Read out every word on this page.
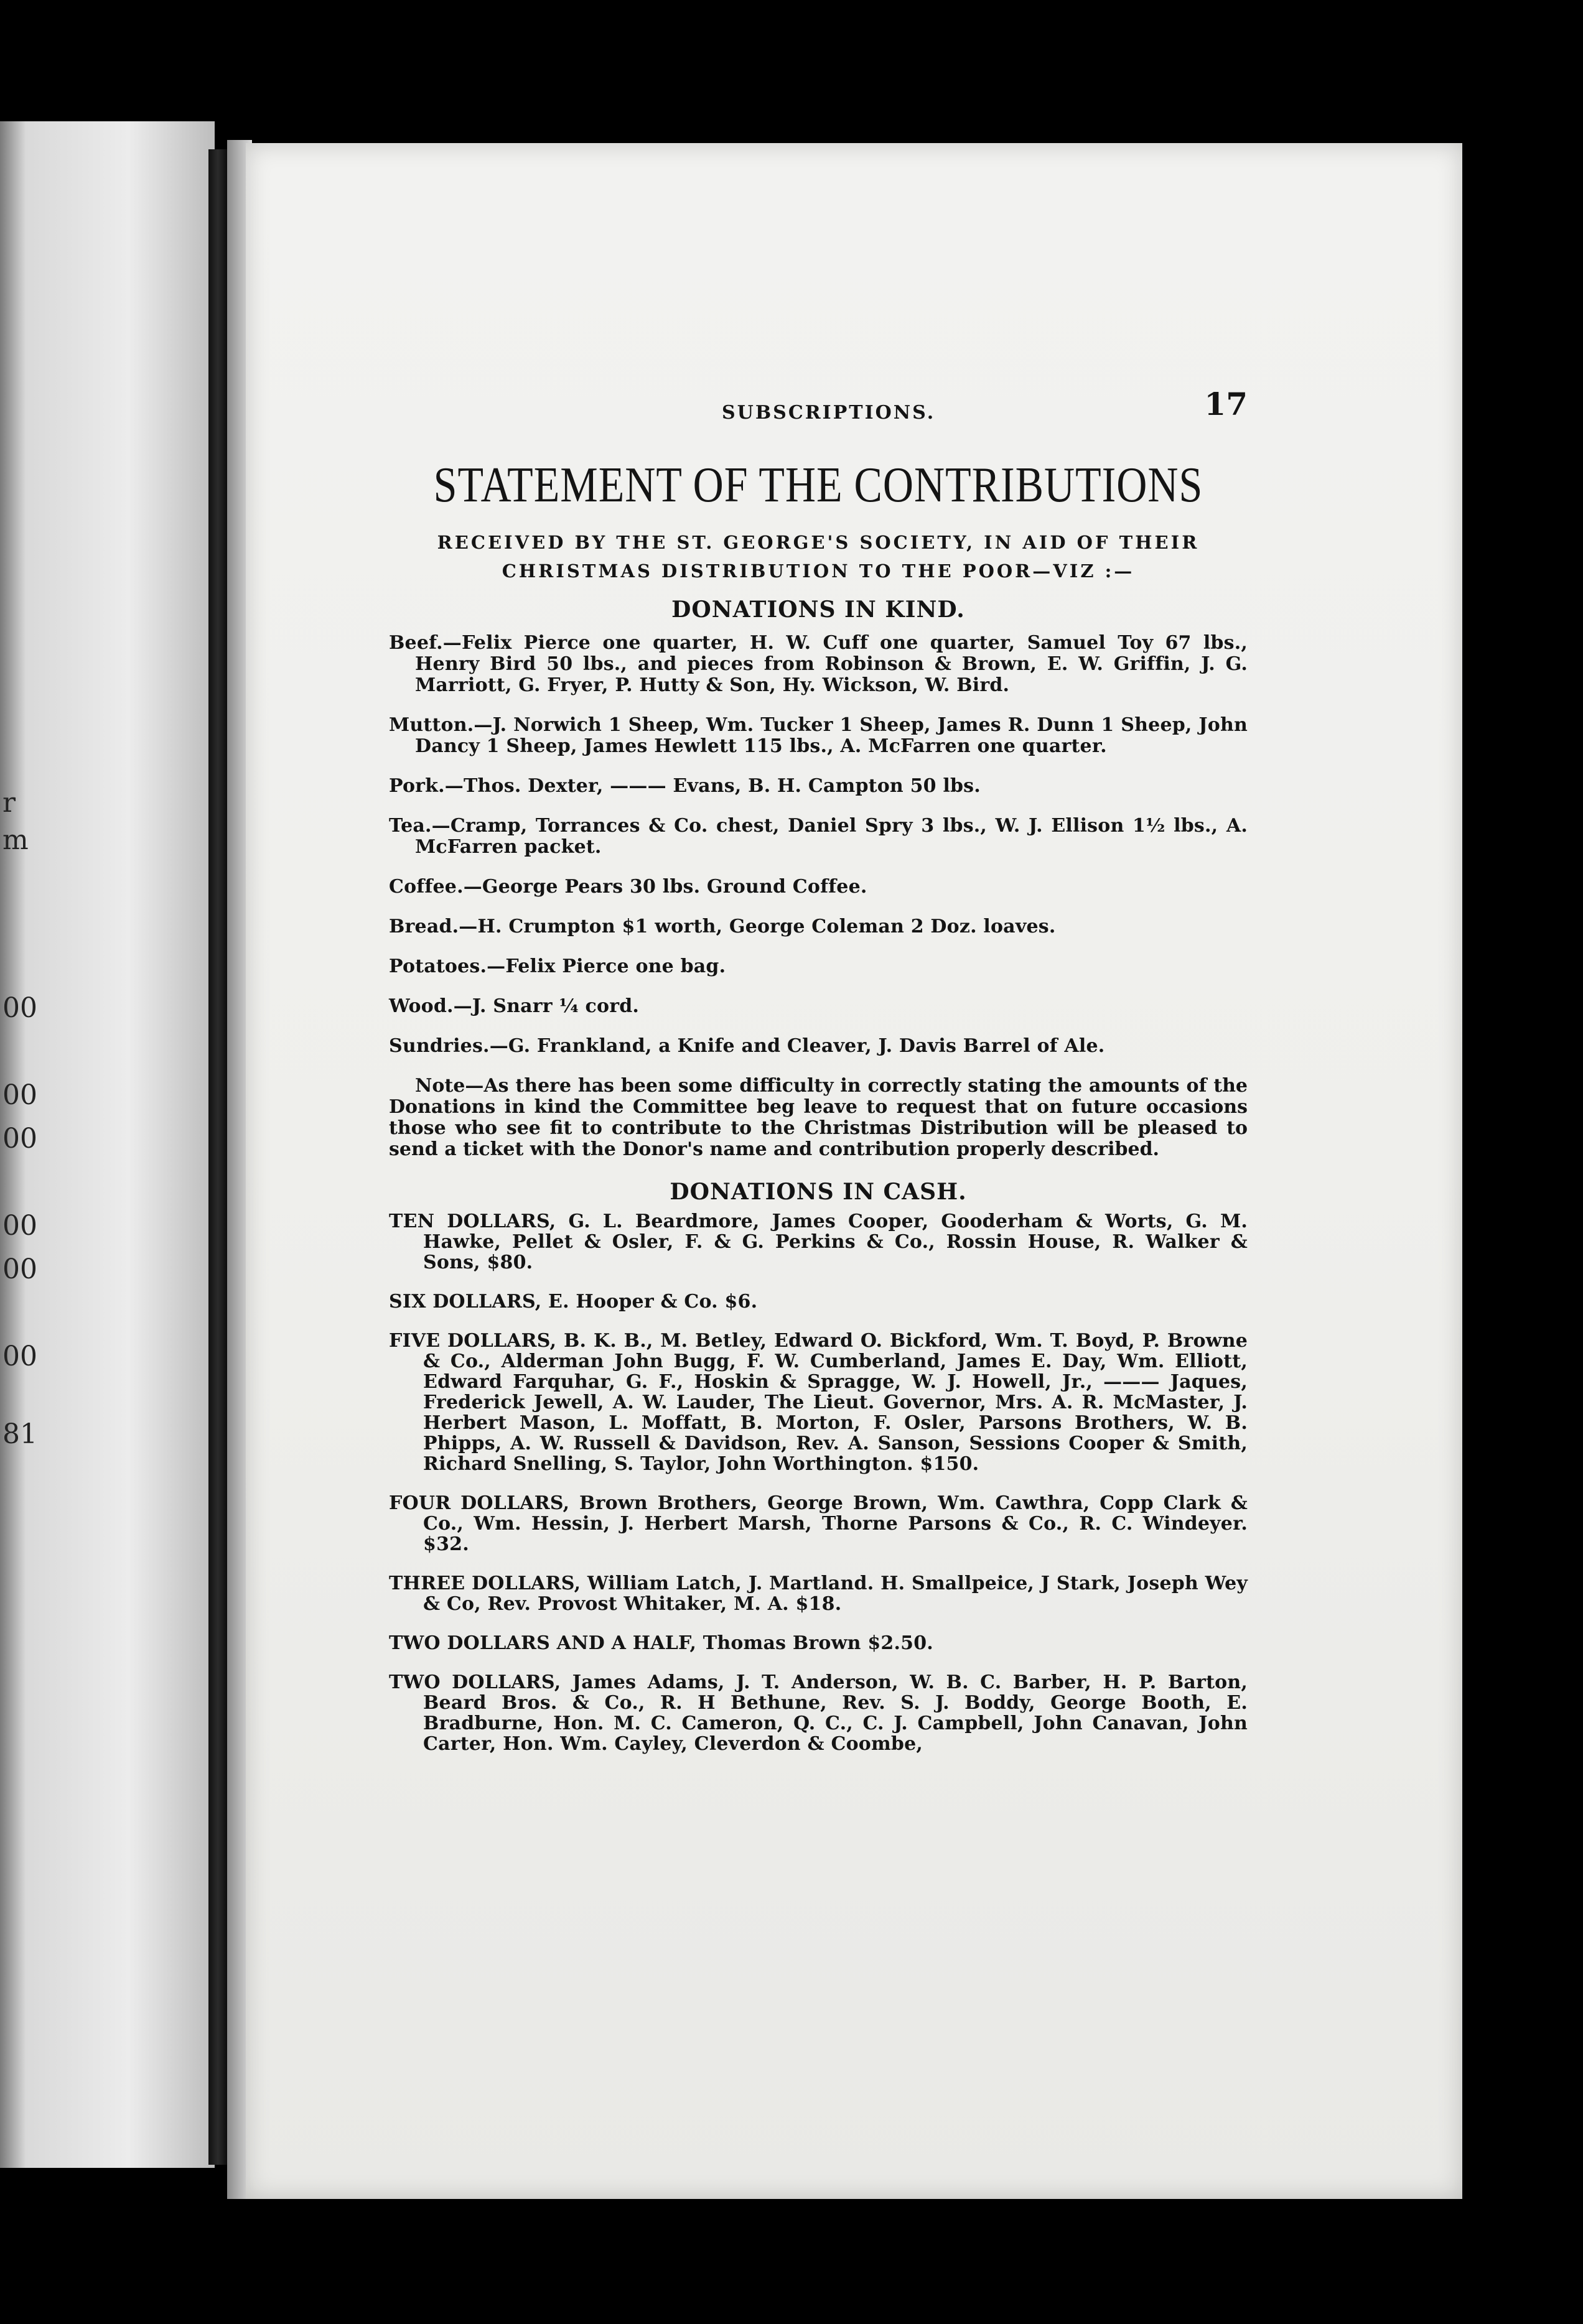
r
m
00
00
00
00
00
00
81
SUBSCRIPTIONS.	17
STATEMENT OF THE CONTRIBUTIONS
RECEIVED BY THE ST. GEORGE'S SOCIETY, IN AID OF THEIR
CHRISTMAS DISTRIBUTION TO THE POOR—VIZ :—
DONATIONS IN KIND.

Beef.—Felix Pierce one quarter, H. W. Cuff one quarter, Samuel Toy 67 lbs., Henry Bird 50 lbs., and pieces from Robinson & Brown, E. W. Griffin, J. G. Marriott, G. Fryer, P. Hutty & Son, Hy. Wickson, W. Bird.

Mutton.—J. Norwich 1 Sheep, Wm. Tucker 1 Sheep, James R. Dunn 1 Sheep, John Dancy 1 Sheep, James Hewlett 115 lbs., A. McFarren one quarter.

Pork.—Thos. Dexter, ——— Evans, B. H. Campton 50 lbs.

Tea.—Cramp, Torrances & Co. chest, Daniel Spry 3 lbs., W. J. Ellison 1½ lbs., A. McFarren packet.

Coffee.—George Pears 30 lbs. Ground Coffee.

Bread.—H. Crumpton $1 worth, George Coleman 2 Doz. loaves.

Potatoes.—Felix Pierce one bag.

Wood.—J. Snarr ¼ cord.

Sundries.—G. Frankland, a Knife and Cleaver, J. Davis Barrel of Ale.

Note—As there has been some difficulty in correctly stating the amounts of the Donations in kind the Committee beg leave to request that on future occasions those who see fit to contribute to the Christmas Distribution will be pleased to send a ticket with the Donor's name and contribution properly described.

DONATIONS IN CASH.

TEN DOLLARS, G. L. Beardmore, James Cooper, Gooderham & Worts, G. M. Hawke, Pellet & Osler, F. & G. Perkins & Co., Rossin House, R. Walker & Sons, $80.

SIX DOLLARS, E. Hooper & Co. $6.

FIVE DOLLARS, B. K. B., M. Betley, Edward O. Bickford, Wm. T. Boyd, P. Browne & Co., Alderman John Bugg, F. W. Cumberland, James E. Day, Wm. Elliott, Edward Farquhar, G. F., Hoskin & Spragge, W. J. Howell, Jr., ——— Jaques, Frederick Jewell, A. W. Lauder, The Lieut. Governor, Mrs. A. R. McMaster, J. Herbert Mason, L. Moffatt, B. Morton, F. Osler, Parsons Brothers, W. B. Phipps, A. W. Russell & Davidson, Rev. A. Sanson, Sessions Cooper & Smith, Richard Snelling, S. Taylor, John Worthington. $150.

FOUR DOLLARS, Brown Brothers, George Brown, Wm. Cawthra, Copp Clark & Co., Wm. Hessin, J. Herbert Marsh, Thorne Parsons & Co., R. C. Windeyer. $32.

THREE DOLLARS, William Latch, J. Martland. H. Smallpeice, J Stark, Joseph Wey & Co, Rev. Provost Whitaker, M. A. $18.

TWO DOLLARS AND A HALF, Thomas Brown $2.50.

TWO DOLLARS, James Adams, J. T. Anderson, W. B. C. Barber, H. P. Barton, Beard Bros. & Co., R. H Bethune, Rev. S. J. Boddy, George Booth, E. Bradburne, Hon. M. C. Cameron, Q. C., C. J. Campbell, John Canavan, John Carter, Hon. Wm. Cayley, Cleverdon & Coombe,
